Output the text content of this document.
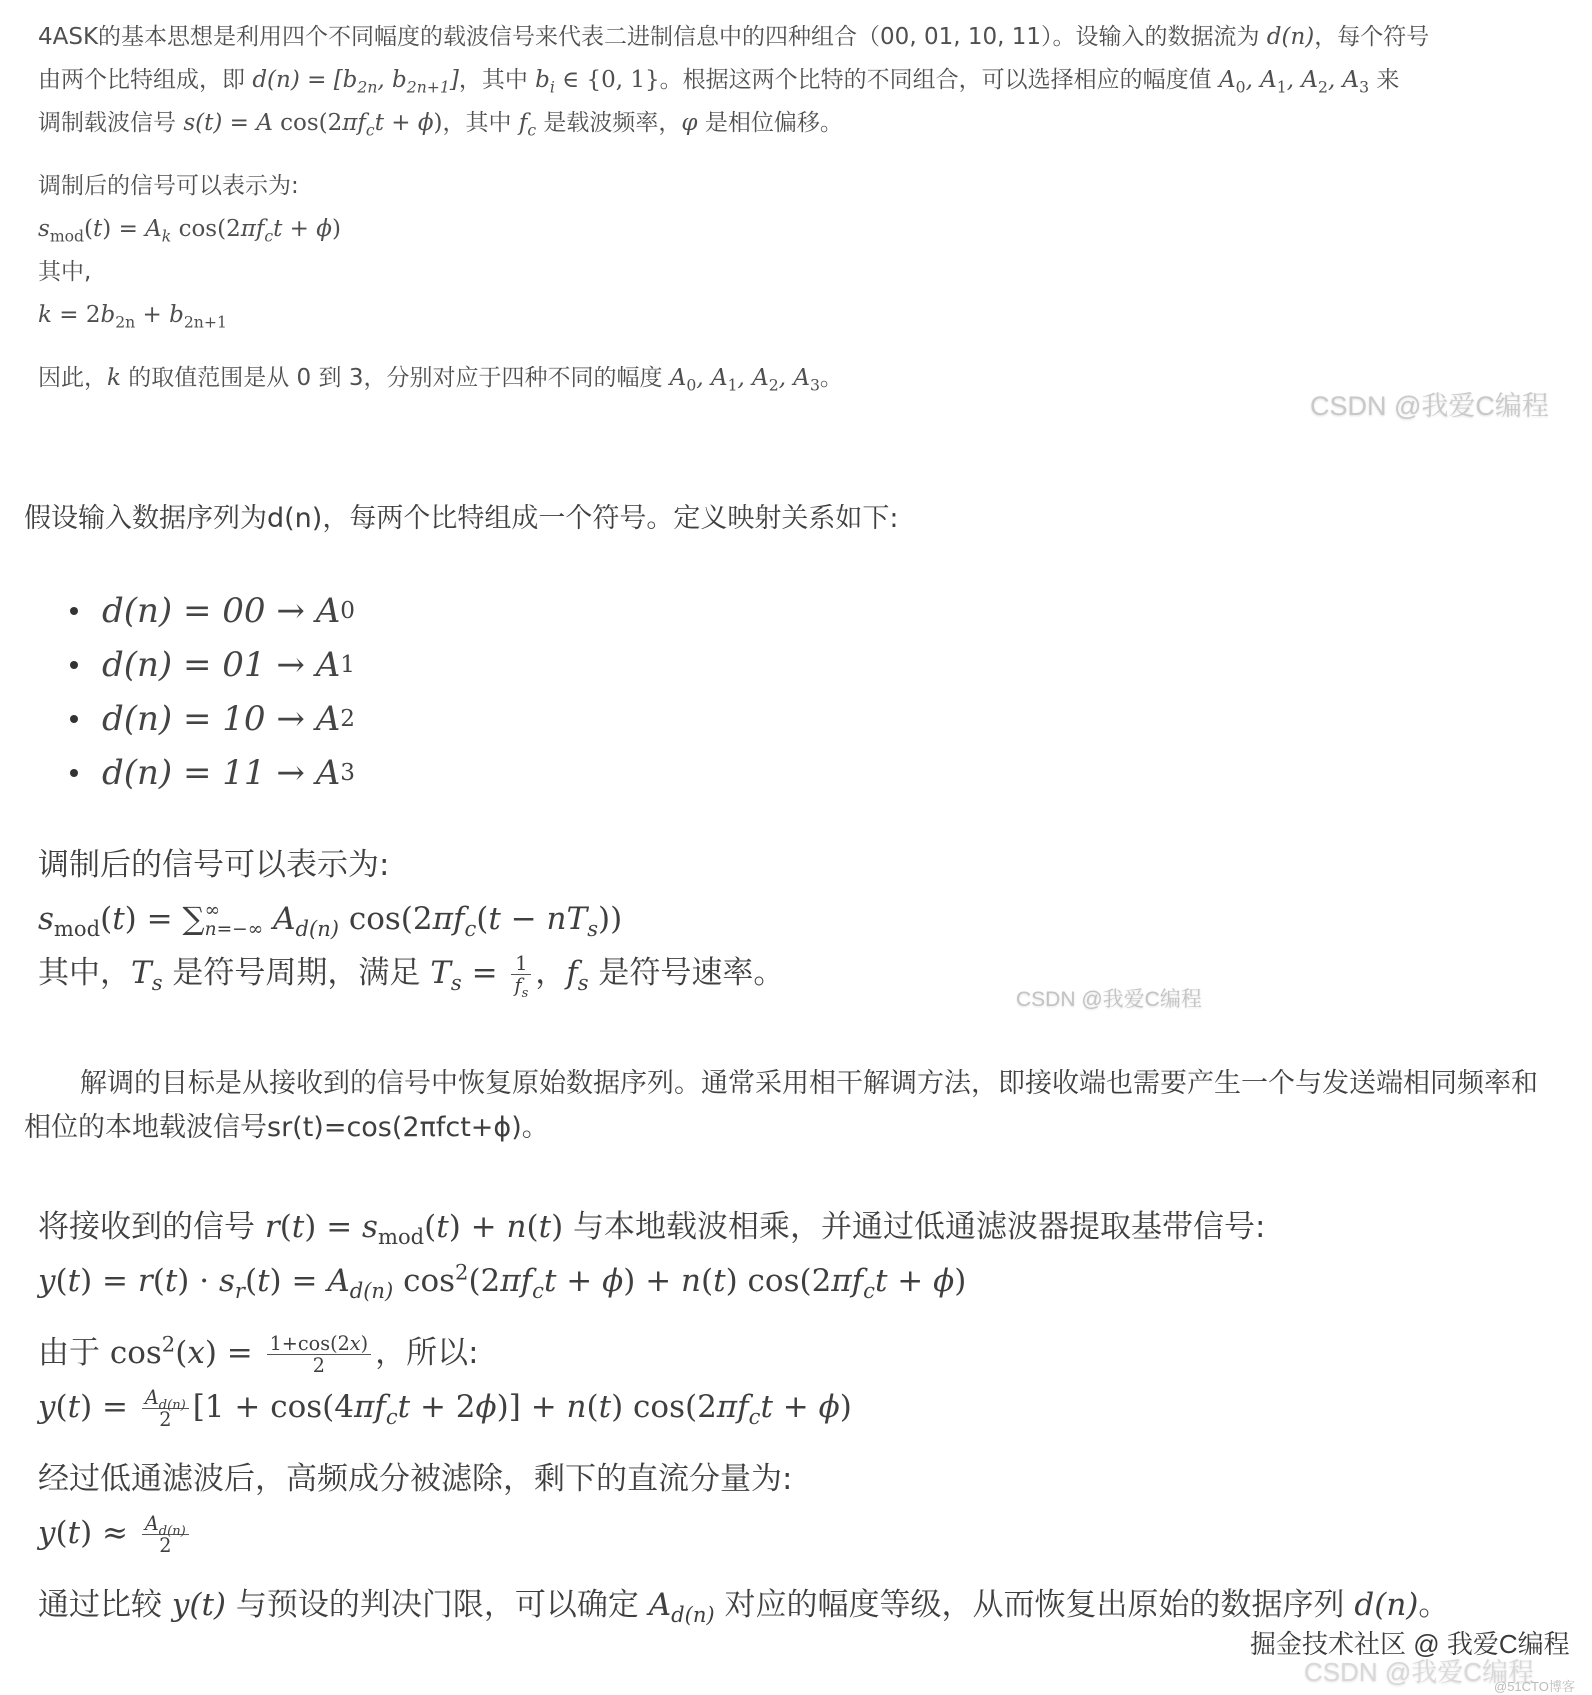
4ASK的基本思想是利用四个不同幅度的载波信号来代表二进制信息中的四种组合（00, 01, 10, 11）。设输入的数据流为 d(n)，每个符号

由两个比特组成，即 $d(n) = [b_{2n}$, $b_{2n+1}$]，其中 $b_i$ ∈ {0, 1}。根据这两个比特的不同组合，可以选择相应的幅度值 $A_0$, $A_1$, $A_2$, $A_3$ 来

调制载波信号 s(t) = A $\cos(2\pi f_ct + \phi)$，其中 $f_c$ 是载波频率，φ 是相位偏移。

调制后的信号可以表示为:

$s_{mod}(t) = A_k$ $\cos(2\pi f_ct + \phi)$

其中,

$k = 2b_{2n} + b_{2n+1}$

因此，k 的取值范围是从 0 到 3，分别对应于四种不同的幅度 $A_0$, $A_1$, $A_2$, $A_3$。

CSDN @我爱C编程
假设输入数据序列为d(n)，每两个比特组成一个符号。定义映射关系如下:
d(n) = 00
→
A 0
d(n) = 01
→
A 1
d(n) = 10
→
A 2
d(n) = 11
→
A 3

调制后的信号可以表示为:

$s_{mod}(t)$ = ∑ ∞
n=−∞ $A_{d(n)}$ $\cos(2\pi f_c(t - nT_s))$

其中，$T_s$ 是符号周期，满足 $T_s = \frac{1}{f_s}$ ，$f_s$ 是符号速率。

CSDN @我爱C编程

解调的目标是从接收到的信号中恢复原始数据序列。通常采用相干解调方法，即接收端也需要产生一个与发送端相同频率和相位的本地载波信号sr(t)=cos(2πfct+ϕ)。

将接收到的信号 $r(t) = s_{mod}(t) + n(t)$ 与本地载波相乘，并通过低通滤波器提取基带信号:

$y(t) = r(t) \cdot s_r(t) = A_{d(n)}$ $\cos^2(2\pi f_ct + \phi) + n(t) \cos(2\pi f_ct + \phi)$

由于 $\cos^2(x) = \frac{1+\cos(2x)}{2}$ ，所以:

$y(t) = \frac{A_{d(n)}}{2} [1 + \cos(4\pi f_ct + 2\phi)] + n(t) \cos(2\pi f_ct + \phi)$

经过低通滤波后，高频成分被滤除，剩下的直流分量为:

$y(t) \approx \frac{A_{d(n)}}{2}$

通过比较 y(t) 与预设的判决门限，可以确定 $A_{d(n)}$ 对应的幅度等级，从而恢复出原始的数据序列 d(n)。

CSDN @我爱C编程
掘金技术社区 @ 我爱C编程
@51CTO博客
